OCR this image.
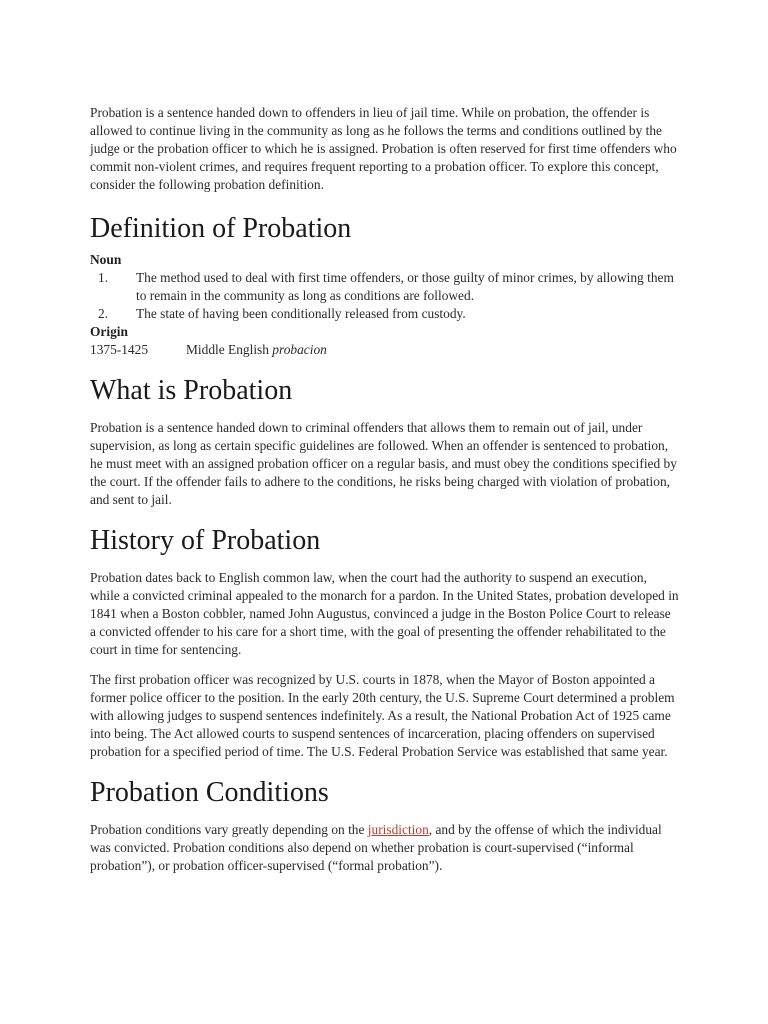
Probation is a sentence handed down to offenders in lieu of jail time. While on probation, the offender is allowed to continue living in the community as long as he follows the terms and conditions outlined by the judge or the probation officer to which he is assigned. Probation is often reserved for first time offenders who commit non-violent crimes, and requires frequent reporting to a probation officer. To explore this concept, consider the following probation definition.

Definition of Probation
Noun
1. The method used to deal with first time offenders, or those guilty of minor crimes, by allowing them to remain in the community as long as conditions are followed.
2. The state of having been conditionally released from custody.
Origin
1375-1425	Middle English probacion
What is Probation

Probation is a sentence handed down to criminal offenders that allows them to remain out of jail, under supervision, as long as certain specific guidelines are followed. When an offender is sentenced to probation, he must meet with an assigned probation officer on a regular basis, and must obey the conditions specified by the court. If the offender fails to adhere to the conditions, he risks being charged with violation of probation, and sent to jail.

History of Probation

Probation dates back to English common law, when the court had the authority to suspend an execution, while a convicted criminal appealed to the monarch for a pardon. In the United States, probation developed in 1841 when a Boston cobbler, named John Augustus, convinced a judge in the Boston Police Court to release a convicted offender to his care for a short time, with the goal of presenting the offender rehabilitated to the court in time for sentencing.

The first probation officer was recognized by U.S. courts in 1878, when the Mayor of Boston appointed a former police officer to the position. In the early 20th century, the U.S. Supreme Court determined a problem with allowing judges to suspend sentences indefinitely. As a result, the National Probation Act of 1925 came into being. The Act allowed courts to suspend sentences of incarceration, placing offenders on supervised probation for a specified period of time. The U.S. Federal Probation Service was established that same year.

Probation Conditions

Probation conditions vary greatly depending on the jurisdiction, and by the offense of which the individual was convicted. Probation conditions also depend on whether probation is court-supervised (“informal probation”), or probation officer-supervised (“formal probation”).
